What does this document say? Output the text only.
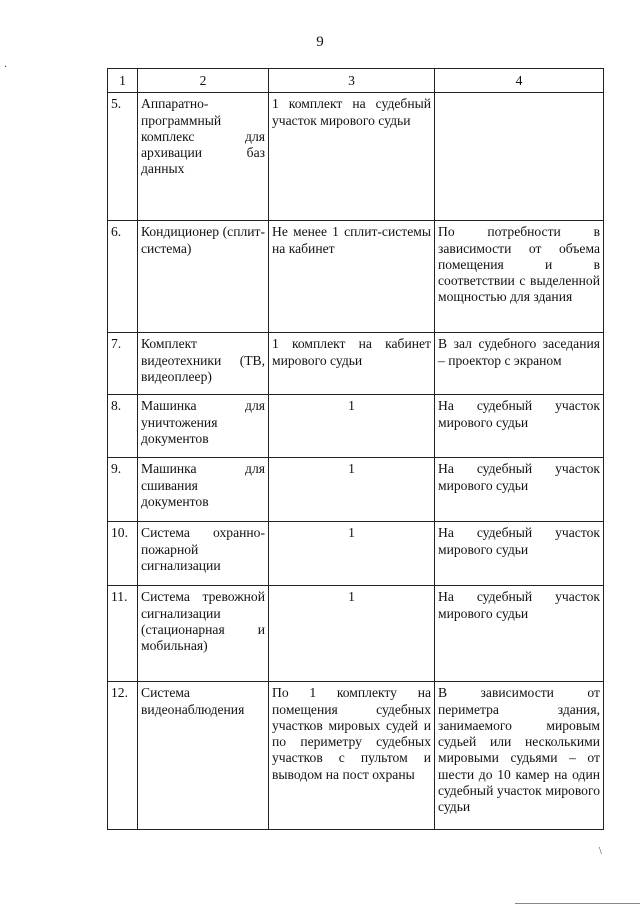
9
·
\
1	2	3	4
5.	Аппаратно-программный комплекс для архивации баз данных	1 комплект на судебный участок мирового судьи	
6.	Кондиционер (сплит-система)	Не менее 1 сплит-системы на кабинет	По потребности в зависимости от объема помещения и в соответствии с выделенной мощностью для здания
7.	Комплект видеотехники (ТВ, видеоплеер)	1 комплект на кабинет мирового судьи	В зал судебного заседания – проектор с экраном
8.	Машинка для уничтожения документов	1	На судебный участок мирового судьи
9.	Машинка для сшивания документов	1	На судебный участок мирового судьи
10.	Система охранно-пожарной сигнализации	1	На судебный участок мирового судьи
11.	Система тревожной сигнализации (стационарная и мобильная)	1	На судебный участок мирового судьи
12.	Система видеонаблюдения	По 1 комплекту на помещения судебных участков мировых судей и по периметру судебных участков с пультом и выводом на пост охраны	В зависимости от периметра здания, занимаемого мировым судьей или несколькими мировыми судьями – от шести до 10 камер на один судебный участок мирового судьи
